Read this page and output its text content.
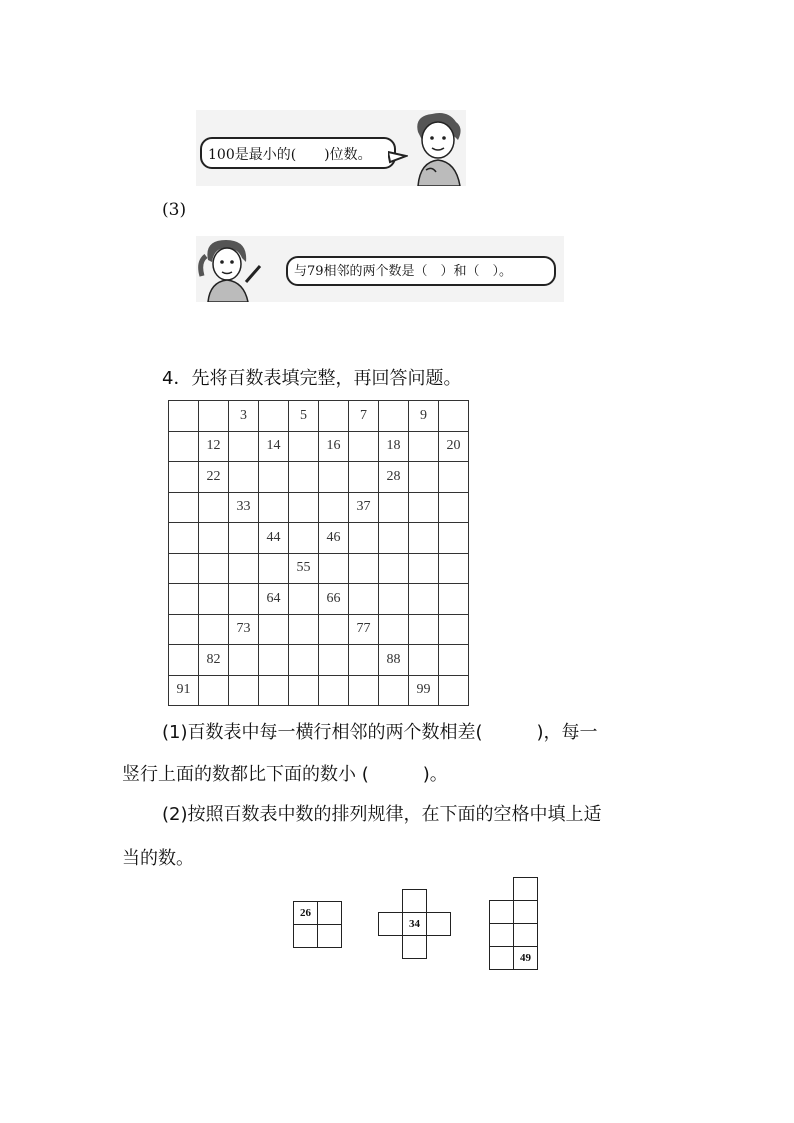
100是最小的(　　)位数。
(3)
与79相邻的两个数是（　）和（　）。
4．先将百数表填完整，再回答问题。
		3		5		7		9	
	12		14		16		18		20
	22						28		
		33				37			
			44		46				
				55					
			64		66				
		73				77			
	82						88		
91								99	
(1)百数表中每一横行相邻的两个数相差(　　　)，每一
竖行上面的数都比下面的数小 (　　　)。
(2)按照百数表中数的排列规律，在下面的空格中填上适
当的数。
26	

	34	

	49
